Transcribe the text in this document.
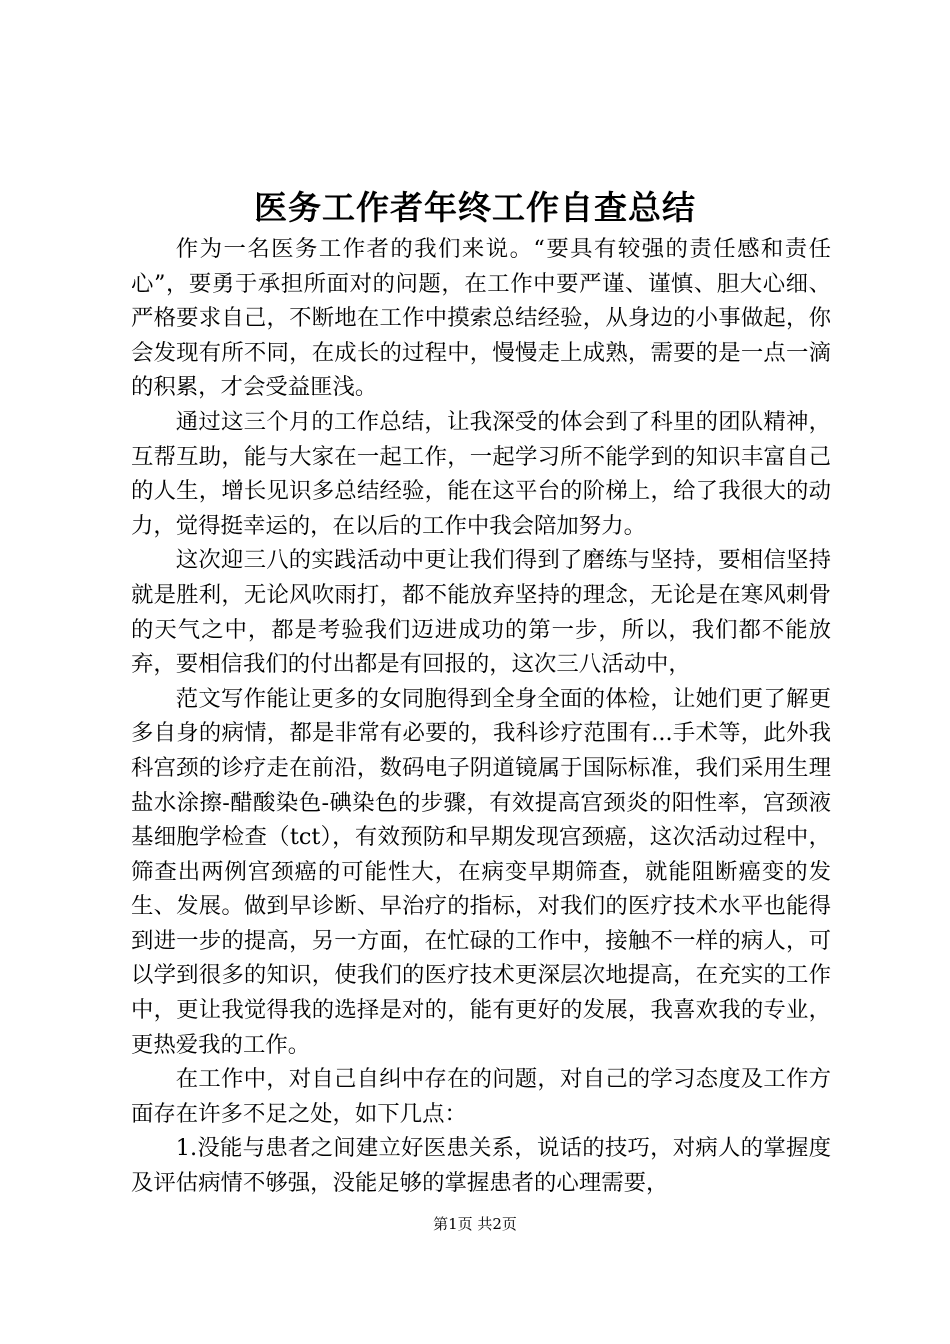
医务工作者年终工作自查总结

作为一名医务工作者的我们来说。“要具有较强的责任感和责任心”，要勇于承担所面对的问题，在工作中要严谨、谨慎、胆大心细、严格要求自己，不断地在工作中摸索总结经验，从身边的小事做起，你会发现有所不同，在成长的过程中，慢慢走上成熟，需要的是一点一滴的积累，才会受益匪浅。

通过这三个月的工作总结，让我深受的体会到了科里的团队精神，互帮互助，能与大家在一起工作，一起学习所不能学到的知识丰富自己的人生，增长见识多总结经验，能在这平台的阶梯上，给了我很大的动力，觉得挺幸运的，在以后的工作中我会陪加努力。

这次迎三八的实践活动中更让我们得到了磨练与坚持，要相信坚持就是胜利，无论风吹雨打，都不能放弃坚持的理念，无论是在寒风刺骨的天气之中，都是考验我们迈进成功的第一步，所以，我们都不能放弃，要相信我们的付出都是有回报的，这次三八活动中，

范文写作能让更多的女同胞得到全身全面的体检，让她们更了解更多自身的病情，都是非常有必要的，我科诊疗范围有...手术等，此外我科宫颈的诊疗走在前沿，数码电子阴道镜属于国际标准，我们采用生理盐水涂擦-醋酸染色-碘染色的步骤，有效提高宫颈炎的阳性率，宫颈液基细胞学检查（tct），有效预防和早期发现宫颈癌，这次活动过程中，筛查出两例宫颈癌的可能性大，在病变早期筛查，就能阻断癌变的发生、发展。做到早诊断、早治疗的指标，对我们的医疗技术水平也能得到进一步的提高，另一方面，在忙碌的工作中，接触不一样的病人，可以学到很多的知识，使我们的医疗技术更深层次地提高，在充实的工作中，更让我觉得我的选择是对的，能有更好的发展，我喜欢我的专业，更热爱我的工作。

在工作中，对自己自纠中存在的问题，对自己的学习态度及工作方面存在许多不足之处，如下几点：

1.没能与患者之间建立好医患关系，说话的技巧，对病人的掌握度及评估病情不够强，没能足够的掌握患者的心理需要，

第1页 共2页
